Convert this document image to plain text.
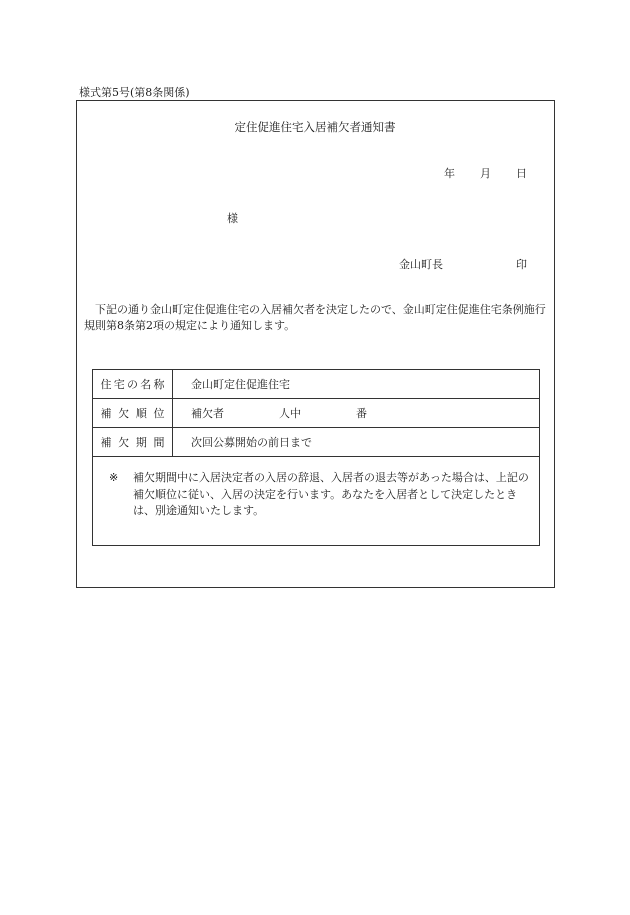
様式第5号(第8条関係)
定住促進住宅入居補欠者通知書
年 月 日
様
金山町長	印

下記の通り金山町定住促進住宅の入居補欠者を決定したので、金山町定住促進住宅条例施行規則第8条第2項の規定により通知します。

住宅の名称 金山町定住促進住宅
補欠順位 補欠者　　　　　人中　　　　　番
補欠期間 次回公募開始の前日まで
※ 補欠期間中に入居決定者の入居の辞退、入居者の退去等があった場合は、上記の補欠順位に従い、入居の決定を行います。あなたを入居者として決定したときは、別途通知いたします。
